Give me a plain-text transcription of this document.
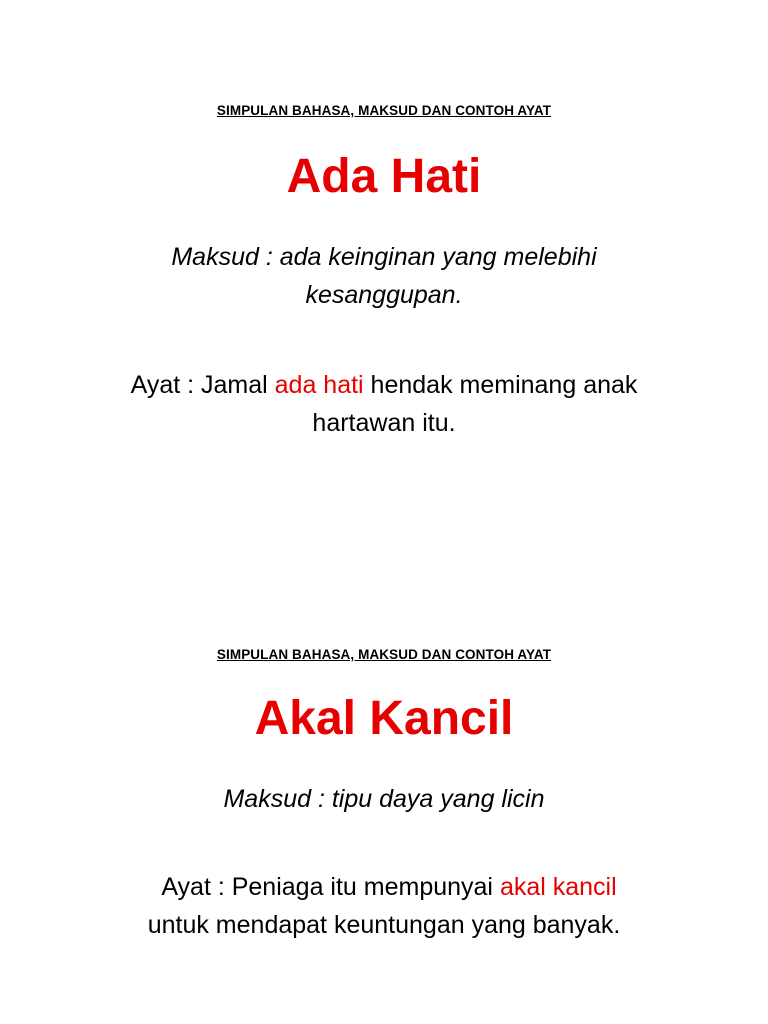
SIMPULAN BAHASA, MAKSUD DAN CONTOH AYAT
Ada Hati
Maksud : ada keinginan yang melebihi
kesanggupan.
Ayat : Jamal ada hati hendak meminang anak
hartawan itu.
SIMPULAN BAHASA, MAKSUD DAN CONTOH AYAT
Akal Kancil
Maksud : tipu daya yang licin
Ayat : Peniaga itu mempunyai akal kancil
untuk mendapat keuntungan yang banyak.
